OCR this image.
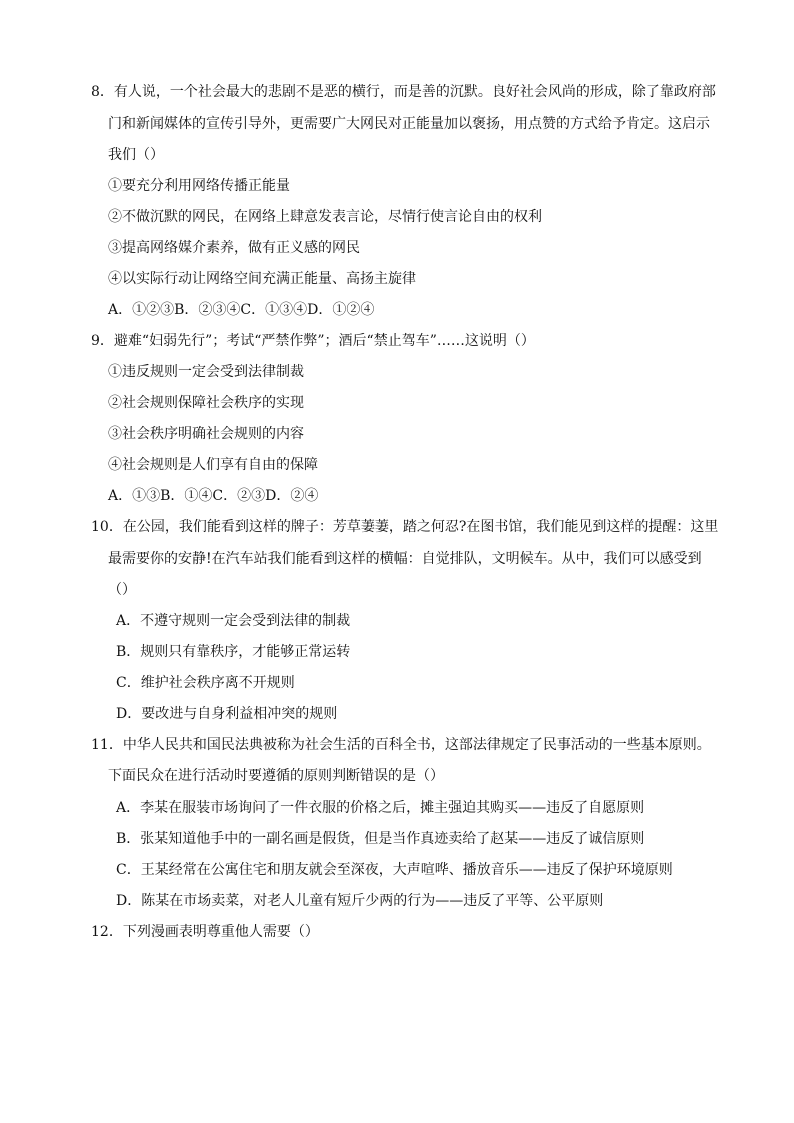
8．有人说，一个社会最大的悲剧不是恶的横行，而是善的沉默。良好社会风尚的形成，除了靠政府部
门和新闻媒体的宣传引导外，更需要广大网民对正能量加以褒扬，用点赞的方式给予肯定。这启示
我们（）
①要充分利用网络传播正能量
②不做沉默的网民，在网络上肆意发表言论，尽情行使言论自由的权利
③提高网络媒介素养，做有正义感的网民
④以实际行动让网络空间充满正能量、高扬主旋律
A．①②③B．②③④C．①③④D．①②④
9．避难“妇弱先行”；考试“严禁作弊”；酒后“禁止驾车”……这说明（）
①违反规则一定会受到法律制裁
②社会规则保障社会秩序的实现
③社会秩序明确社会规则的内容
④社会规则是人们享有自由的保障
A．①③B．①④C．②③D．②④
10．在公园，我们能看到这样的牌子：芳草萋萋，踏之何忍?在图书馆，我们能见到这样的提醒：这里
最需要你的安静!在汽车站我们能看到这样的横幅：自觉排队，文明候车。从中，我们可以感受到
（）
A．不遵守规则一定会受到法律的制裁
B．规则只有靠秩序，才能够正常运转
C．维护社会秩序离不开规则
D．要改进与自身利益相冲突的规则
11．中华人民共和国民法典被称为社会生活的百科全书，这部法律规定了民事活动的一些基本原则。
下面民众在进行活动时要遵循的原则判断错误的是（）
A．李某在服装市场询问了一件衣服的价格之后，摊主强迫其购买——违反了自愿原则
B．张某知道他手中的一副名画是假货，但是当作真迹卖给了赵某——违反了诚信原则
C．王某经常在公寓住宅和朋友就会至深夜，大声喧哗、播放音乐——违反了保护环境原则
D．陈某在市场卖菜，对老人儿童有短斤少两的行为——违反了平等、公平原则
12．下列漫画表明尊重他人需要（）
